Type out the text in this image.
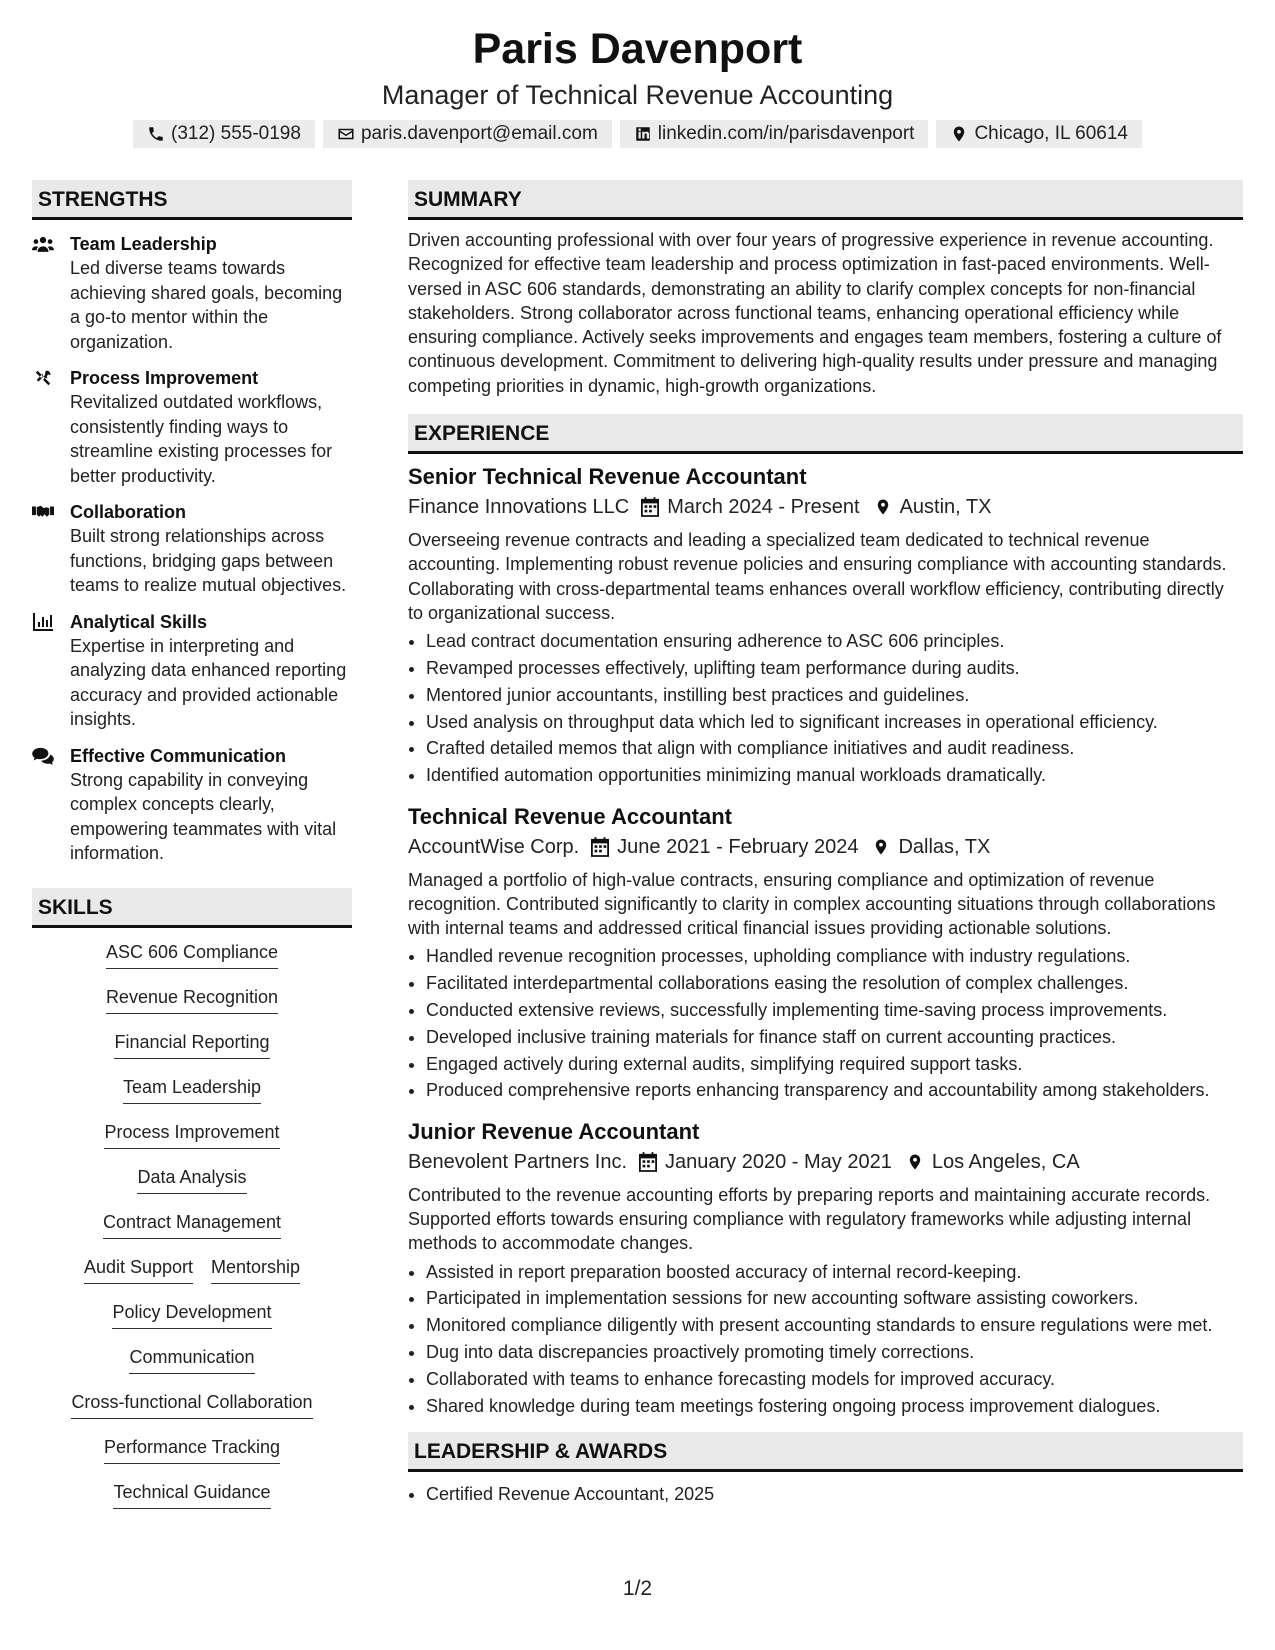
Paris Davenport
Manager of Technical Revenue Accounting
(312) 555-0198	paris.davenport@email.com	linkedin.com/in/parisdavenport	Chicago, IL 60614
STRENGTHS
Team Leadership
Led diverse teams towards achieving shared goals, becoming a go-to mentor within the organization.
Process Improvement
Revitalized outdated workflows, consistently finding ways to streamline existing processes for better productivity.
Collaboration
Built strong relationships across functions, bridging gaps between teams to realize mutual objectives.
Analytical Skills
Expertise in interpreting and analyzing data enhanced reporting accuracy and provided actionable insights.
Effective Communication
Strong capability in conveying complex concepts clearly, empowering teammates with vital information.
SKILLS
ASC 606 Compliance
Revenue Recognition
Financial Reporting
Team Leadership
Process Improvement
Data Analysis
Contract Management
Audit Support Mentorship
Policy Development
Communication
Cross-functional Collaboration
Performance Tracking
Technical Guidance
SUMMARY
Driven accounting professional with over four years of progressive experience in revenue accounting. Recognized for effective team leadership and process optimization in fast-paced environments. Well-versed in ASC 606 standards, demonstrating an ability to clarify complex concepts for non-financial stakeholders. Strong collaborator across functional teams, enhancing operational efficiency while ensuring compliance. Actively seeks improvements and engages team members, fostering a culture of continuous development. Commitment to delivering high-quality results under pressure and managing competing priorities in dynamic, high-growth organizations.
EXPERIENCE
Senior Technical Revenue Accountant
Finance Innovations LLC March 2024 - Present Austin, TX
Overseeing revenue contracts and leading a specialized team dedicated to technical revenue accounting. Implementing robust revenue policies and ensuring compliance with accounting standards. Collaborating with cross-departmental teams enhances overall workflow efficiency, contributing directly to organizational success.
• Lead contract documentation ensuring adherence to ASC 606 principles.
• Revamped processes effectively, uplifting team performance during audits.
• Mentored junior accountants, instilling best practices and guidelines.
• Used analysis on throughput data which led to significant increases in operational efficiency.
• Crafted detailed memos that align with compliance initiatives and audit readiness.
• Identified automation opportunities minimizing manual workloads dramatically.
Technical Revenue Accountant
AccountWise Corp. June 2021 - February 2024 Dallas, TX
Managed a portfolio of high-value contracts, ensuring compliance and optimization of revenue recognition. Contributed significantly to clarity in complex accounting situations through collaborations with internal teams and addressed critical financial issues providing actionable solutions.
• Handled revenue recognition processes, upholding compliance with industry regulations.
• Facilitated interdepartmental collaborations easing the resolution of complex challenges.
• Conducted extensive reviews, successfully implementing time-saving process improvements.
• Developed inclusive training materials for finance staff on current accounting practices.
• Engaged actively during external audits, simplifying required support tasks.
• Produced comprehensive reports enhancing transparency and accountability among stakeholders.
Junior Revenue Accountant
Benevolent Partners Inc. January 2020 - May 2021 Los Angeles, CA
Contributed to the revenue accounting efforts by preparing reports and maintaining accurate records. Supported efforts towards ensuring compliance with regulatory frameworks while adjusting internal methods to accommodate changes.
• Assisted in report preparation boosted accuracy of internal record-keeping.
• Participated in implementation sessions for new accounting software assisting coworkers.
• Monitored compliance diligently with present accounting standards to ensure regulations were met.
• Dug into data discrepancies proactively promoting timely corrections.
• Collaborated with teams to enhance forecasting models for improved accuracy.
• Shared knowledge during team meetings fostering ongoing process improvement dialogues.
LEADERSHIP & AWARDS
• Certified Revenue Accountant, 2025
1/2
